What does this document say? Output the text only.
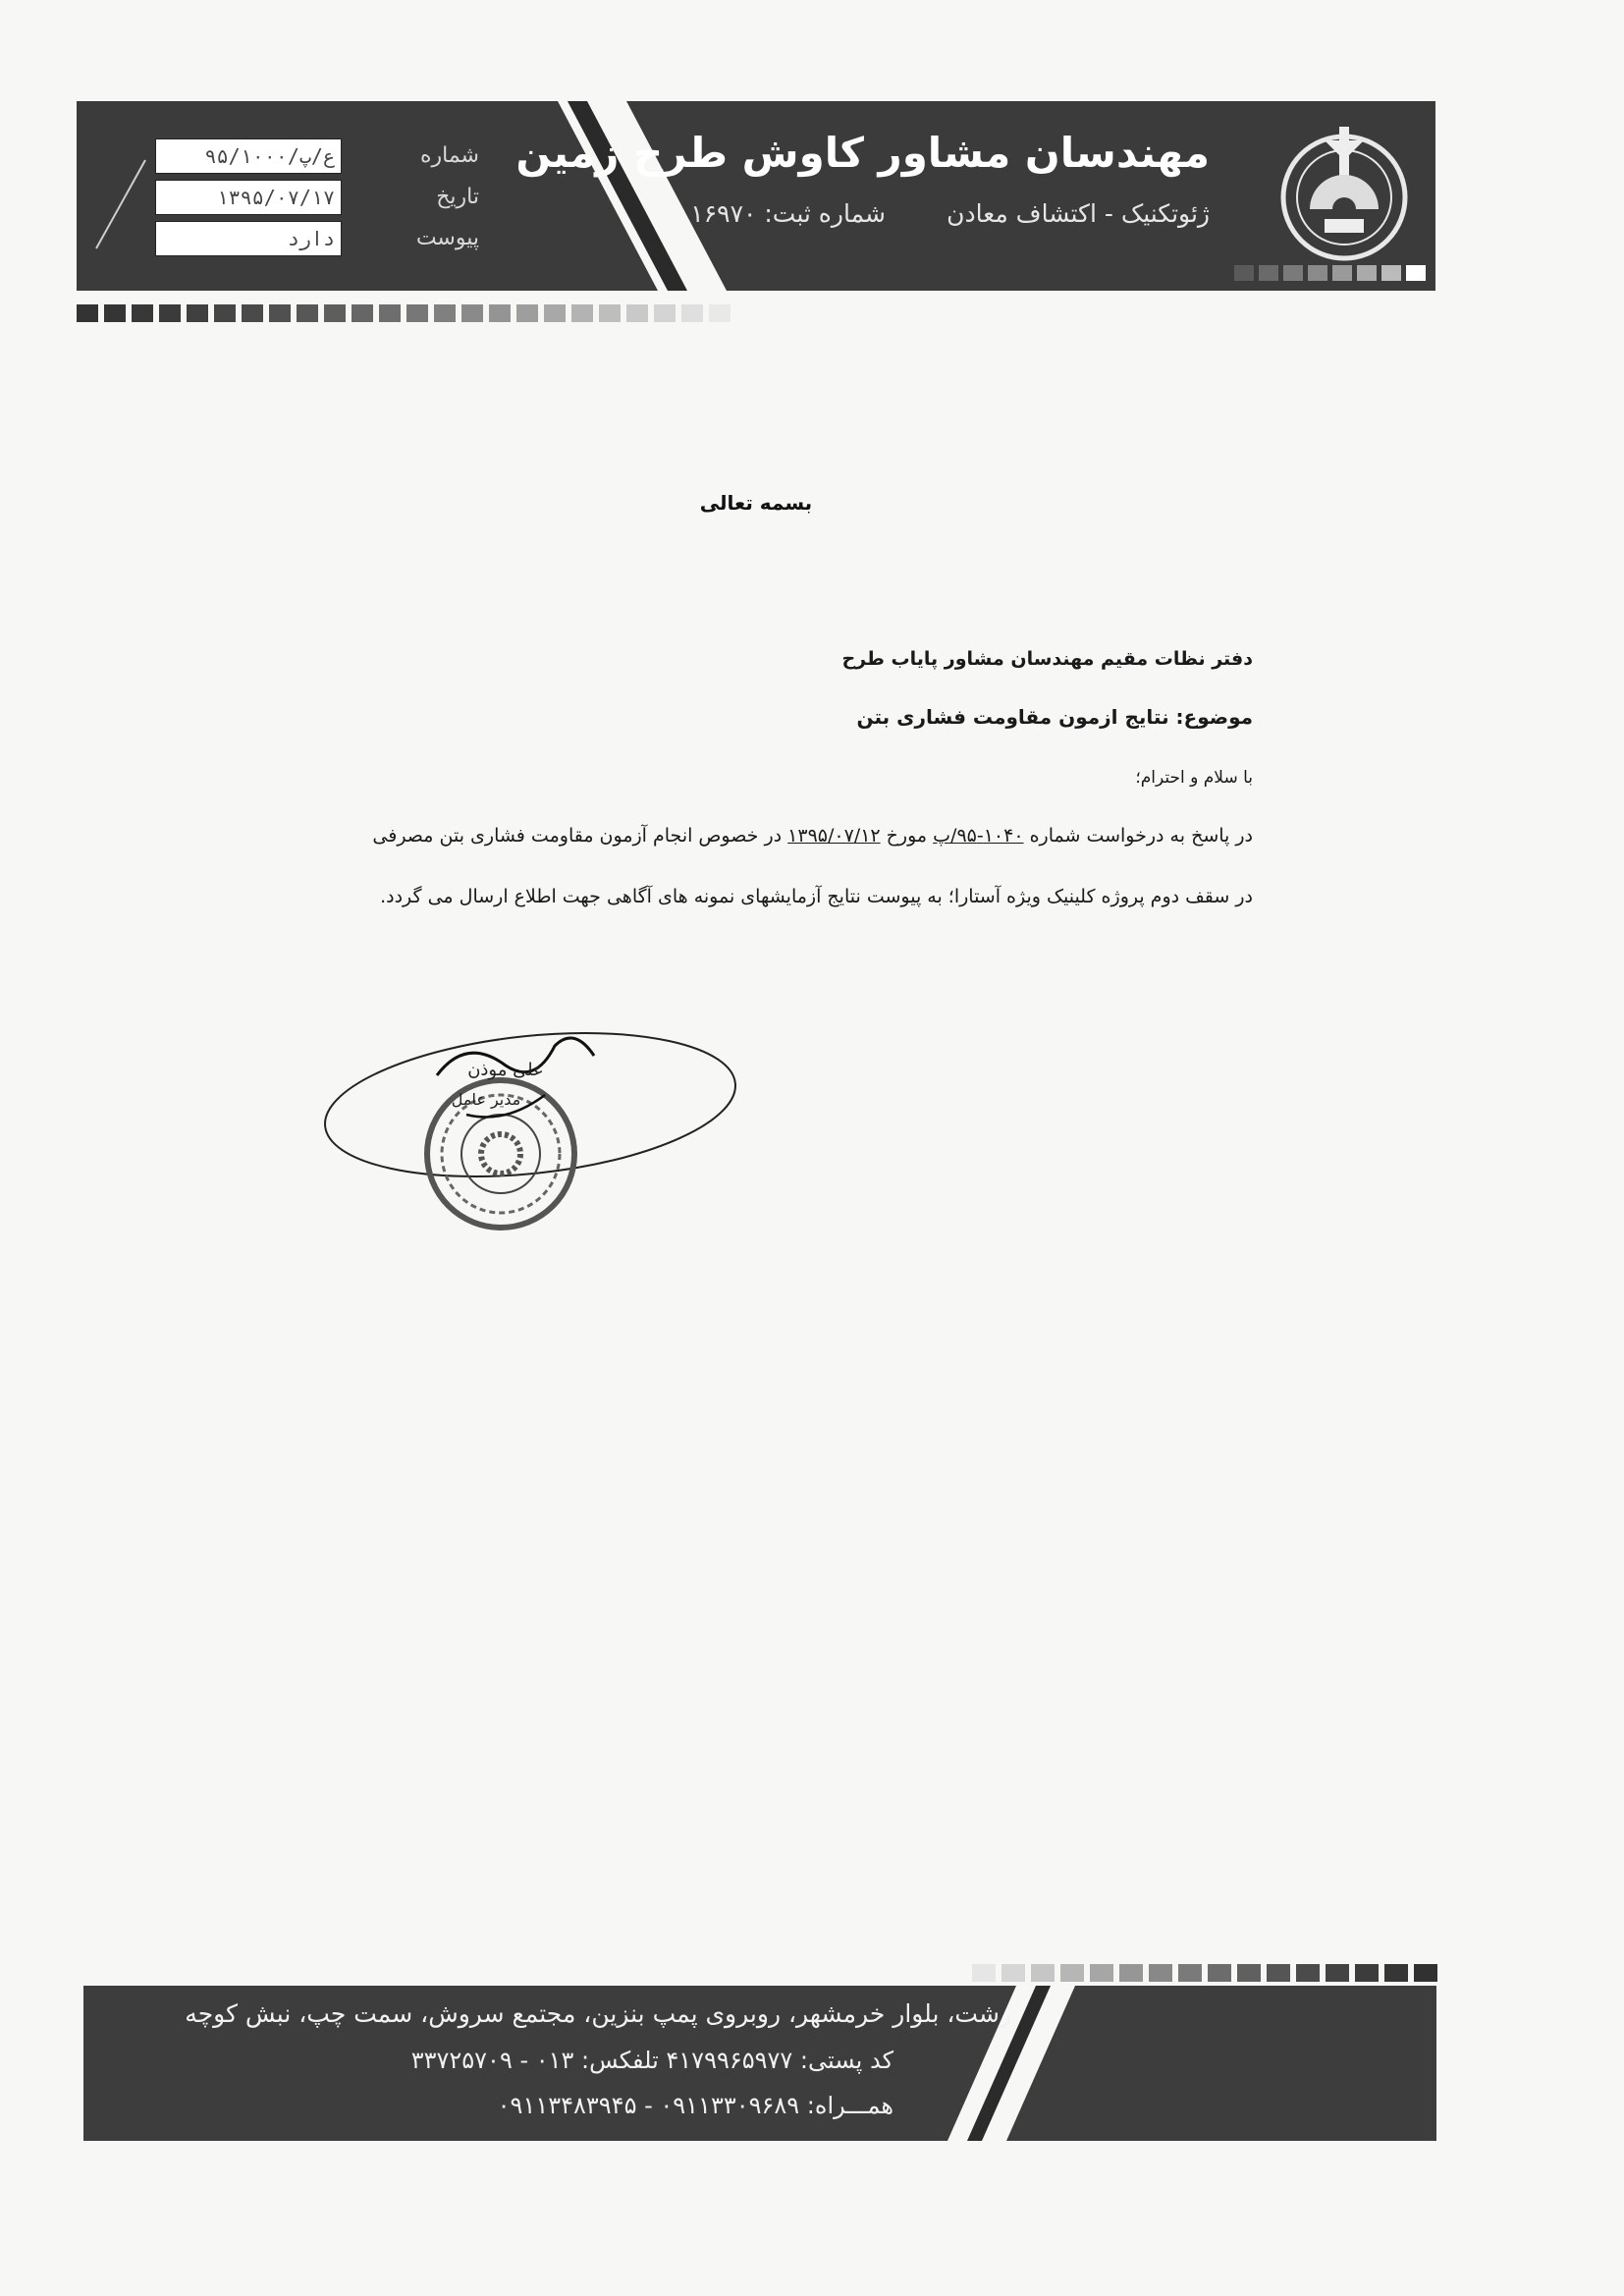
۹۵/۱۰۰۰/ع/پ	شماره
۱۳۹۵/۰۷/۱۷	تاریخ
دارد	پیوست
مهندسان مشاور کاوش طرح زمین
ژئوتکنیک - اکتشاف معادن
شماره ثبت: ۱۶۹۷۰
بسمه تعالی
دفتر نظات مقیم مهندسان مشاور پایاب طرح
موضوع: نتایج ازمون مقاومت فشاری بتن
با سلام و احترام؛
در پاسخ به درخواست شماره ۱۰۴۰-۹۵/پ مورخ ۱۳۹۵/۰۷/۱۲ در خصوص انجام آزمون مقاومت فشاری بتن مصرفی
در سقف دوم پروژه کلینیک ویژه آستارا؛ به پیوست نتایج آزمایشهای نمونه های آگاهی جهت اطلاع ارسال می گردد.
علی موذن
مدیر عامل
رشت، بلوار خرمشهر، روبروی پمپ بنزین، مجتمع سروش، سمت چپ، نبش کوچه
کد پستی: ۴۱۷۹۹۶۵۹۷۷ تلفکس: ۰۱۳ - ۳۳۷۲۵۷۰۹
همـــراه: ۰۹۱۱۳۳۰۹۶۸۹ - ۰۹۱۱۳۴۸۳۹۴۵
